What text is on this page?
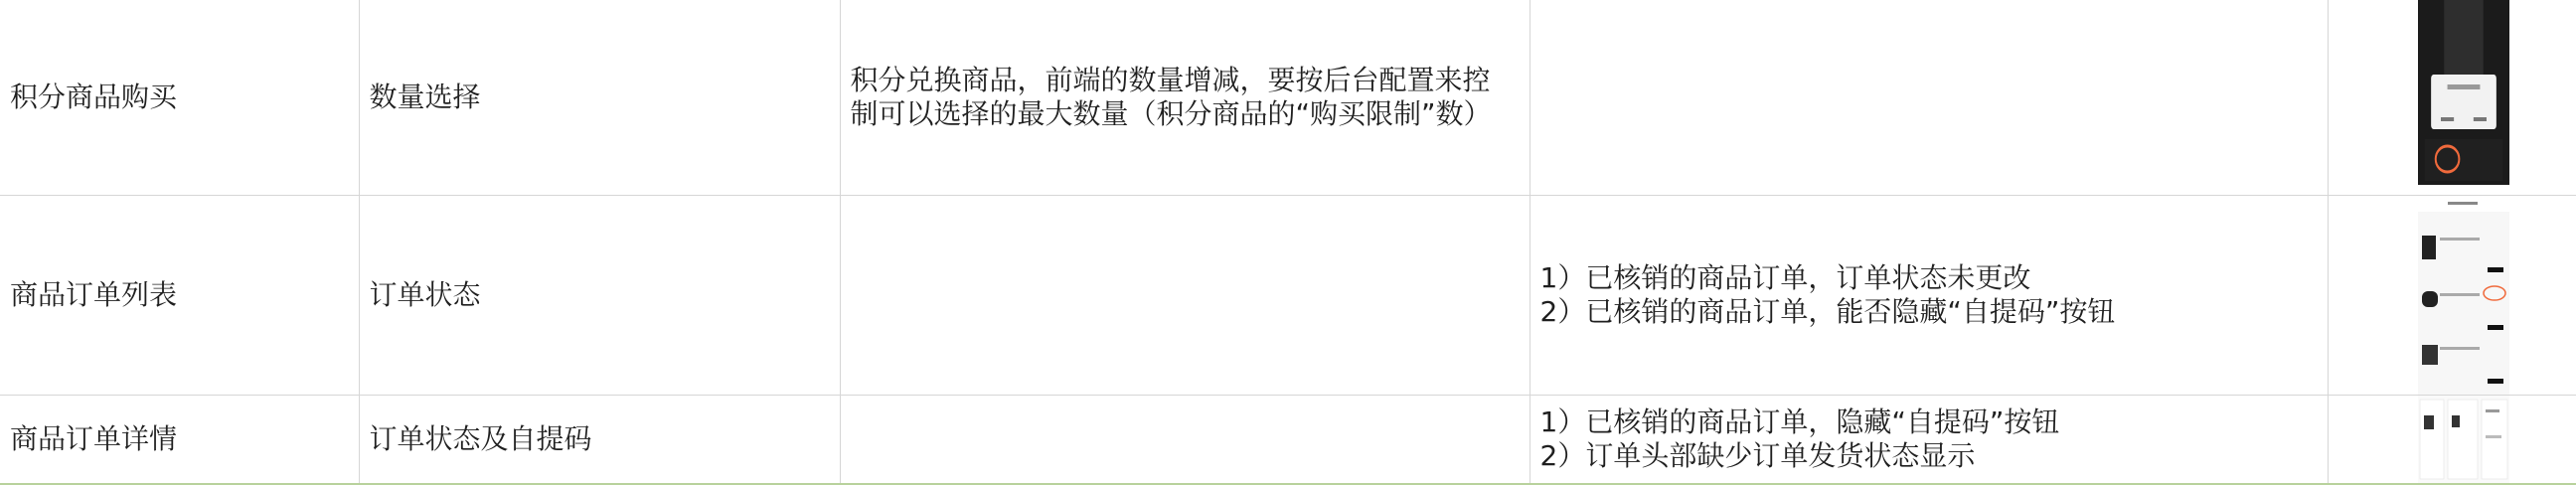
积分商品购买	数量选择	积分兑换商品，前端的数量增减，要按后台配置来控制可以选择的最大数量（积分商品的“购买限制”数）		

商品订单列表	订单状态		1）已核销的商品订单，订单状态未更改
2）已核销的商品订单，能否隐藏“自提码”按钮

商品订单详情	订单状态及自提码		1）已核销的商品订单，隐藏“自提码”按钮
2）订单头部缺少订单发货状态显示
